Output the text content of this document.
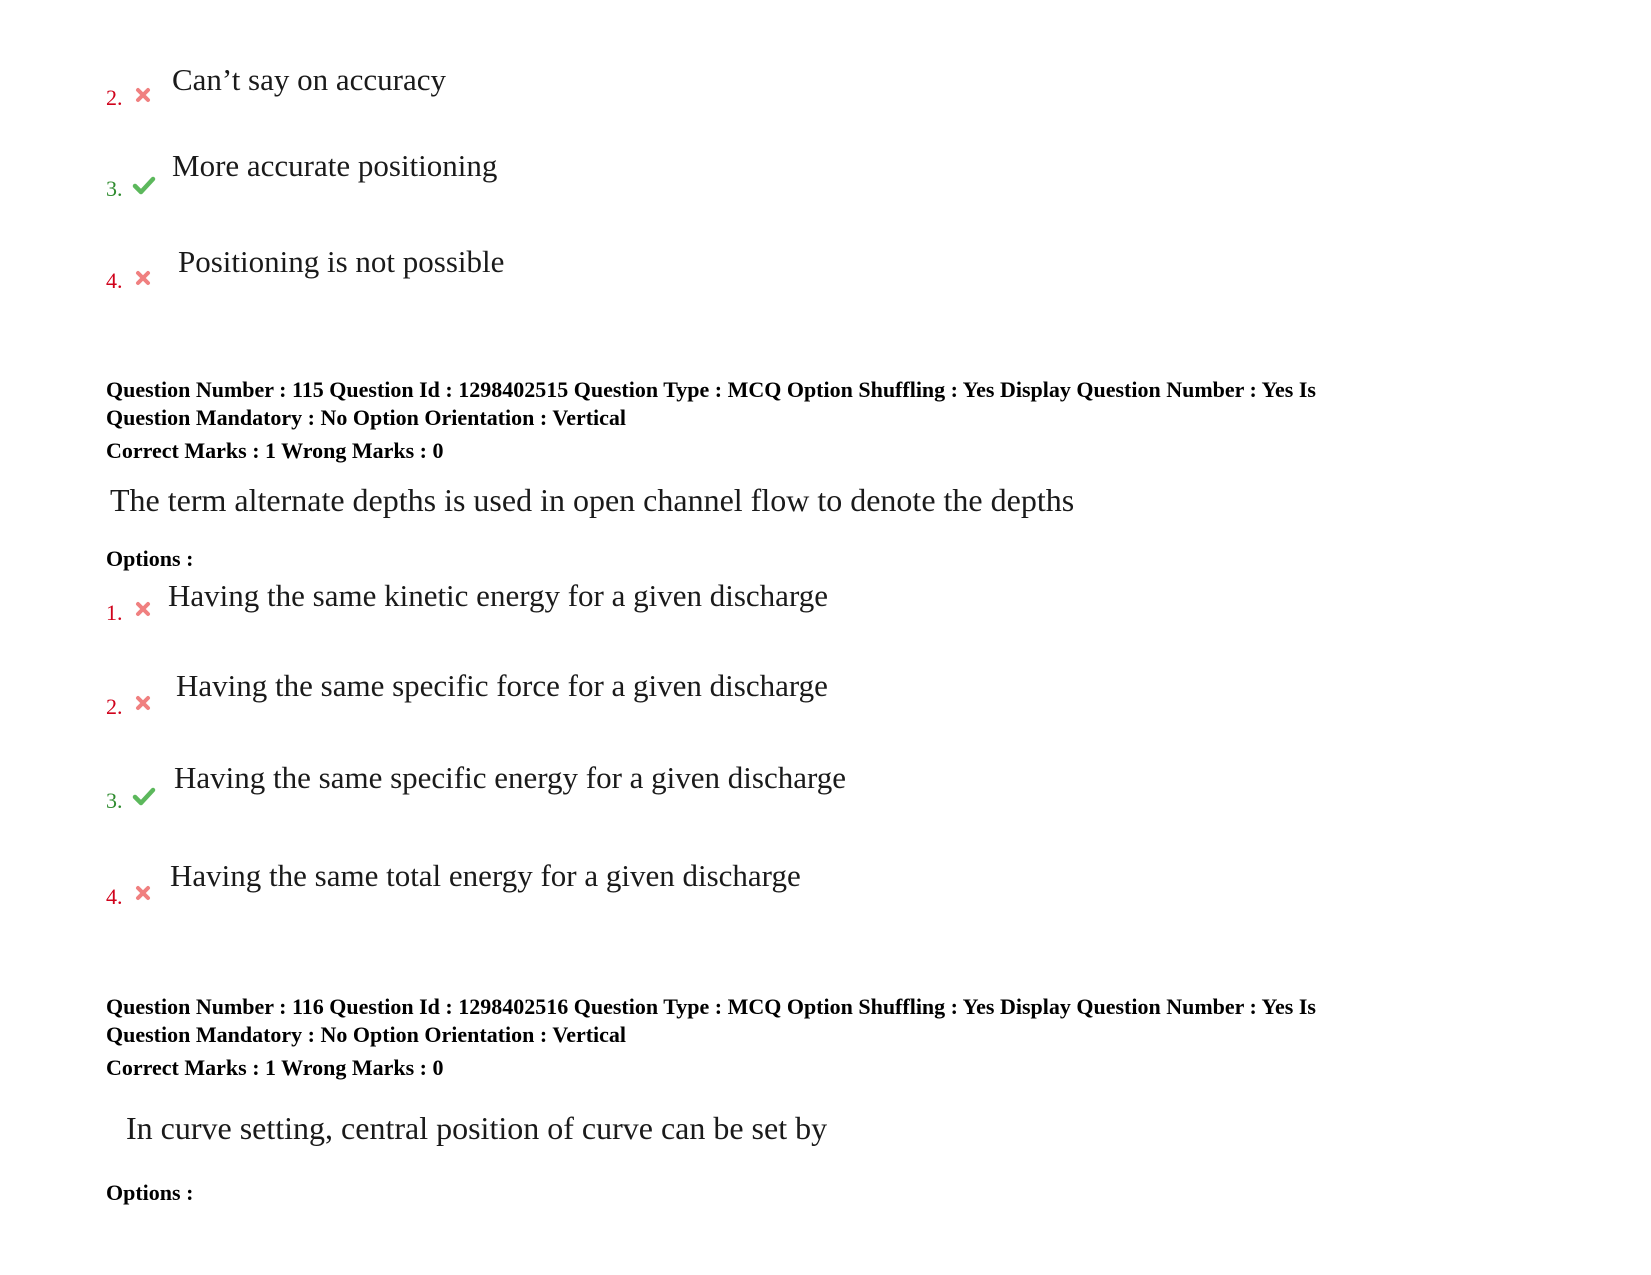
2.
Can’t say on accuracy
3.
More accurate positioning
4.
Positioning is not possible
Question Number : 115 Question Id : 1298402515 Question Type : MCQ Option Shuffling : Yes Display Question Number : Yes Is
Question Mandatory : No Option Orientation : Vertical
Correct Marks : 1 Wrong Marks : 0
The term alternate depths is used in open channel flow to denote the depths
Options :
1. Having the same kinetic energy for a given discharge
2.
Having the same specific force for a given discharge
3.
Having the same specific energy for a given discharge
4.
Having the same total energy for a given discharge
Question Number : 116 Question Id : 1298402516 Question Type : MCQ Option Shuffling : Yes Display Question Number : Yes Is
Question Mandatory : No Option Orientation : Vertical
Correct Marks : 1 Wrong Marks : 0
In curve setting, central position of curve can be set by
Options :
